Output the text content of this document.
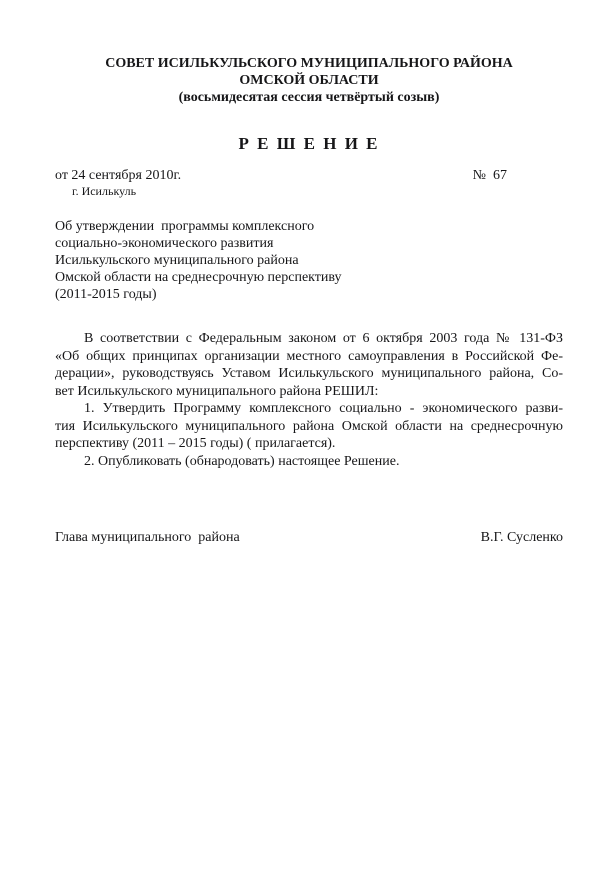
СОВЕТ ИСИЛЬКУЛЬСКОГО МУНИЦИПАЛЬНОГО РАЙОНА
ОМСКОЙ ОБЛАСТИ
(восьмидесятая сессия четвёртый созыв)
Р Е Ш Е Н И Е
от 24 сентября 2010г.	№  67
г. Исилькуль
Об утверждении  программы комплексного
социально-экономического развития
Исилькульского муниципального района
Омской области на среднесрочную перспективу
(2011-2015 годы)
В соответствии с Федеральным законом от 6 октября 2003 года № 131-ФЗ
«Об общих принципах организации местного самоуправления в Российской Фе-
дерации», руководствуясь Уставом Исилькульского муниципального района, Со-
вет Исилькульского муниципального района РЕШИЛ:
1. Утвердить Программу комплексного социально - экономического разви-
тия Исилькульского муниципального района Омской области на среднесрочную
перспективу (2011 – 2015 годы) ( прилагается).
2. Опубликовать (обнародовать) настоящее Решение.
Глава муниципального  района	В.Г. Сусленко
